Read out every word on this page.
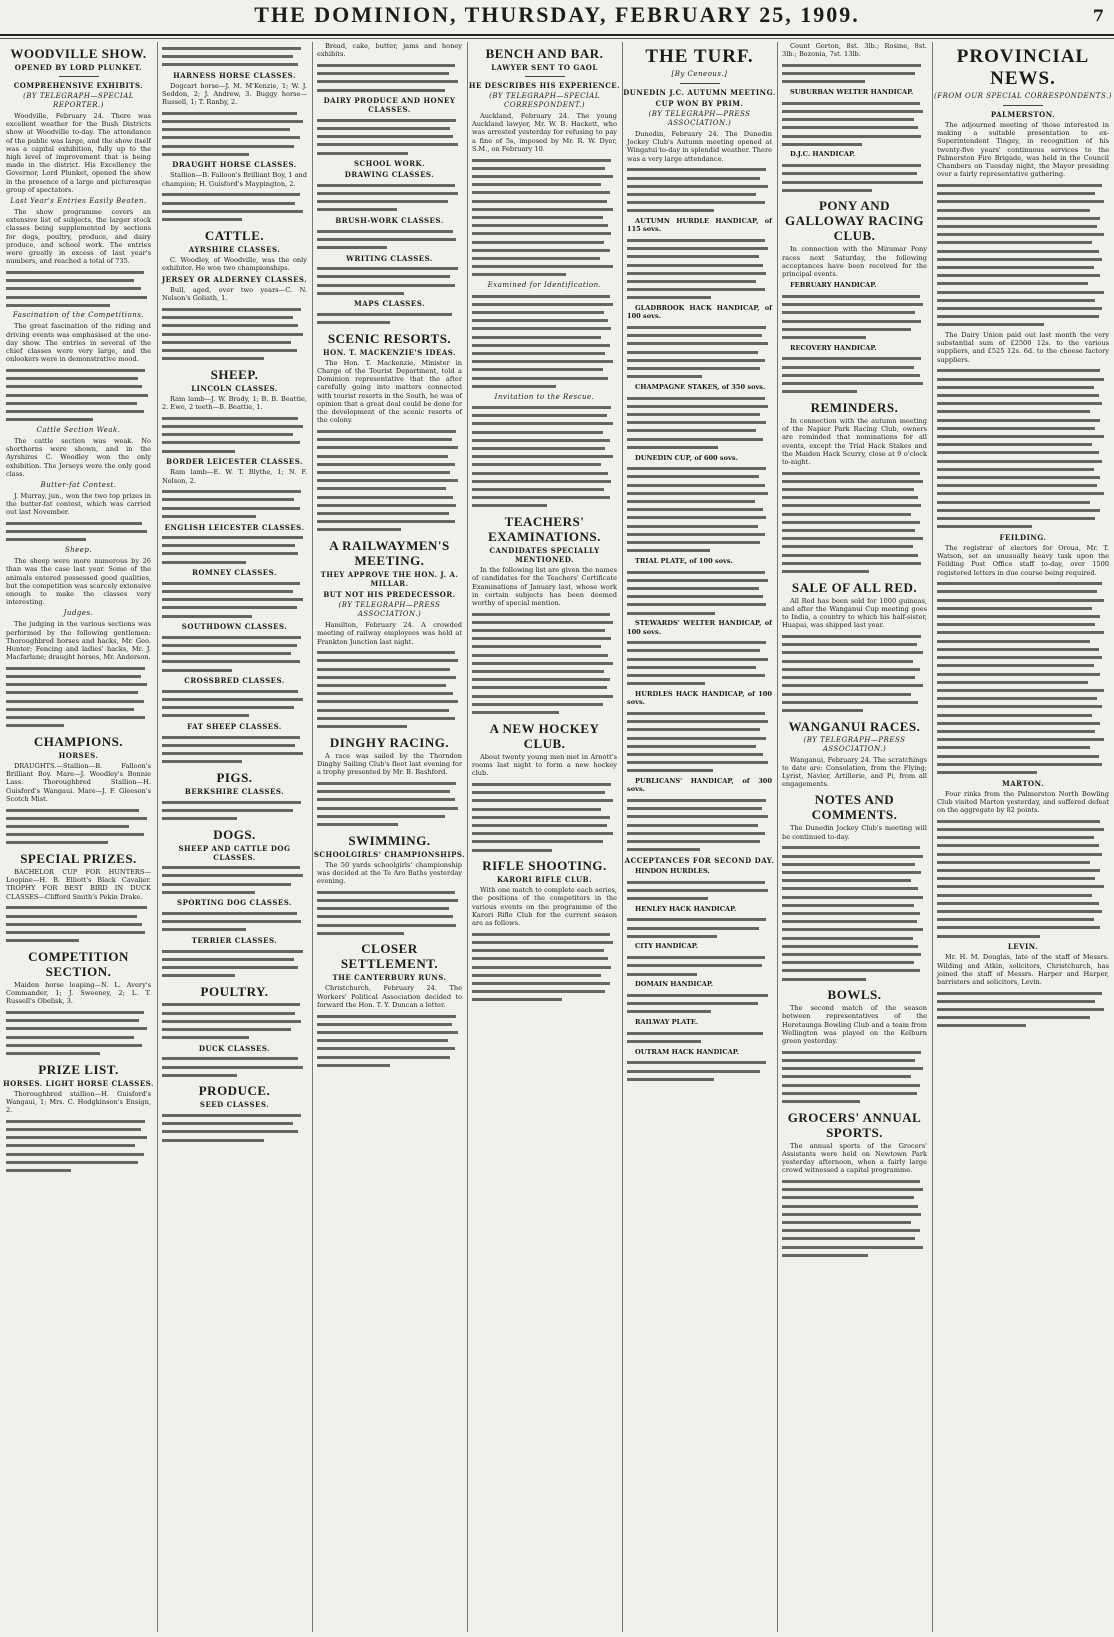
THE DOMINION, THURSDAY, FEBRUARY 25, 1909.	7
WOODVILLE SHOW.
OPENED BY LORD PLUNKET.
COMPREHENSIVE EXHIBITS.
(BY TELEGRAPH—SPECIAL REPORTER.)

Woodville, February 24. There was excellent weather for the Bush Districts show at Woodville to-day. The attendance of the public was large, and the show itself was a capital exhibition, fully up to the high level of improvement that is being made in the district. His Excellency the Governor, Lord Plunket, opened the show in the presence of a large and picturesque group of spectators.

Last Year's Entries Easily Beaten.

The show programme covers an extensive list of subjects, the larger stock classes being supplemented by sections for dogs, poultry, produce, and dairy produce, and school work. The entries were greatly in excess of last year's numbers, and reached a total of 735.

Fascination of the Competitions.

The great fascination of the riding and driving events was emphasised at the one-day show. The entries in several of the chief classes were very large, and the onlookers were in demonstrative mood.

Cattle Section Weak.

The cattle section was weak. No shorthorns were shown, and in the Ayrshires C. Woodley won the only exhibition. The Jerseys were the only good class.

Butter-fat Contest.

J. Murray, jun., won the two top prizes in the butter-fat contest, which was carried out last November.

Sheep.

The sheep were more numerous by 26 than was the case last year. Some of the animals entered possessed good qualities, but the competition was scarcely extensive enough to make the classes very interesting.

Judges.

The judging in the various sections was performed by the following gentlemen: Thoroughbred horses and hacks, Mr. Geo. Hunter; Fencing and ladies' hacks, Mr. J. Macfarlane; draught horses, Mr. Anderson.

CHAMPIONS.
HORSES.

DRAUGHTS.—Stallion—B. Falloon's Brilliant Boy. Mare—J. Woodley's Bonnie Lass. Thoroughbred Stallion—H. Guisford's Wangaui. Mare—J. F. Gleeson's Scotch Mist.

SPECIAL PRIZES.

BACHELOR CUP FOR HUNTERS—Loopine—H. B. Elliott's Black Cavalier. TROPHY FOR BEST BIRD IN DUCK CLASSES—Clifford Smith's Pekin Drake.

COMPETITION SECTION.

Maiden horse leaping—N. L. Avery's Commander, 1; J. Sweeney, 2; L. T. Russell's Obelisk, 3.

PRIZE LIST.
HORSES. LIGHT HORSE CLASSES.

Thoroughbred stallion—H. Guisford's Wangaui, 1; Mrs. C. Hodgkinson's Ensign, 2.

HARNESS HORSE CLASSES.

Dogcart horse—J. M. M'Kenzie, 1; W. J. Seddon, 2; J. Andrew, 3. Buggy horse—Russell, 1; T. Ranby, 2.

DRAUGHT HORSE CLASSES.

Stallion—B. Falloon's Brilliant Boy, 1 and champion; H. Guisford's Maypington, 2.

CATTLE.
AYRSHIRE CLASSES.

C. Woodley, of Woodville, was the only exhibitor. He won two championships.

JERSEY OR ALDERNEY CLASSES.

Bull, aged, over two years—C. N. Nelson's Goliath, 1.

SHEEP.
LINCOLN CLASSES.

Ram lamb—J. W. Brady, 1; B. B. Beattie, 2. Ewe, 2 teeth—B. Beattie, 1.

BORDER LEICESTER CLASSES.

Ram lamb—E. W. T. Blythe, 1; N. F. Nelson, 2.

ENGLISH LEICESTER CLASSES.
ROMNEY CLASSES.
SOUTHDOWN CLASSES.
CROSSBRED CLASSES.
FAT SHEEP CLASSES.
PIGS.
BERKSHIRE CLASSES.
DOGS.
SHEEP AND CATTLE DOG CLASSES.
SPORTING DOG CLASSES.
TERRIER CLASSES.
POULTRY.
DUCK CLASSES.
PRODUCE.
SEED CLASSES.

Bread, cake, butter, jams and honey exhibits.

DAIRY PRODUCE AND HONEY CLASSES.
SCHOOL WORK.
DRAWING CLASSES.
BRUSH-WORK CLASSES.
WRITING CLASSES.
MAPS CLASSES.
SCENIC RESORTS.
HON. T. MACKENZIE'S IDEAS.

The Hon. T. Mackenzie, Minister in Charge of the Tourist Department, told a Dominion representative that the after carefully going into matters connected with tourist resorts in the South, he was of opinion that a great deal could be done for the development of the scenic resorts of the colony.

A RAILWAYMEN'S MEETING.
THEY APPROVE THE HON. J. A. MILLAR.
BUT NOT HIS PREDECESSOR.
(BY TELEGRAPH—PRESS ASSOCIATION.)

Hamilton, February 24. A crowded meeting of railway employees was held at Frankton Junction last night.

DINGHY RACING.

A race was sailed by the Thorndon Dinghy Sailing Club's fleet last evening for a trophy presented by Mr. B. Bashford.

SWIMMING.
SCHOOLGIRLS' CHAMPIONSHIPS.

The 50 yards schoolgirls' championship was decided at the Te Aro Baths yesterday evening.

CLOSER SETTLEMENT.
THE CANTERBURY RUNS.

Christchurch, February 24. The Workers' Political Association decided to forward the Hon. T. Y. Duncan a letter.

BENCH AND BAR.
LAWYER SENT TO GAOL
HE DESCRIBES HIS EXPERIENCE.
(BY TELEGRAPH—SPECIAL CORRESPONDENT.)

Auckland, February 24. The young Auckland lawyer, Mr. W. B. Hackett, who was arrested yesterday for refusing to pay a fine of 5s, imposed by Mr. R. W. Dyer, S.M., on February 10.

Examined for Identification.
Invitation to the Rescue.
TEACHERS' EXAMINATIONS.
CANDIDATES SPECIALLY MENTIONED.

In the following list are given the names of candidates for the Teachers' Certificate Examinations of January last, whose work in certain subjects has been deemed worthy of special mention.

A NEW HOCKEY CLUB.

About twenty young men met in Arnott's rooms last night to form a new hockey club.

RIFLE SHOOTING.
KARORI RIFLE CLUB.

With one match to complete each series, the positions of the competitors in the various events on the programme of the Karori Rifle Club for the current season are as follows.

THE TURF.
[By Ceneous.]
DUNEDIN J.C. AUTUMN MEETING.
CUP WON BY PRIM.
(BY TELEGRAPH—PRESS ASSOCIATION.)

Dunedin, February 24. The Dunedin Jockey Club's Autumn meeting opened at Wingatui to-day in splendid weather. There was a very large attendance.

AUTUMN HURDLE HANDICAP, of 115 sovs.

GLADBROOK HACK HANDICAP, of 100 sovs.

CHAMPAGNE STAKES, of 350 sovs.

DUNEDIN CUP, of 600 sovs.

TRIAL PLATE, of 100 sovs.

STEWARDS' WELTER HANDICAP, of 100 sovs.

HURDLES HACK HANDICAP, of 100 sovs.

PUBLICANS' HANDICAP, of 300 sovs.

ACCEPTANCES FOR SECOND DAY.

HINDON HURDLES.

HENLEY HACK HANDICAP.

CITY HANDICAP.

DOMAIN HANDICAP.

RAILWAY PLATE.

OUTRAM HACK HANDICAP.

Count Gerton, 8st. 3lb.; Rosine, 8st. 3lb.; Bezonia, 7st. 13lb.

SUBURBAN WELTER HANDICAP.

D.J.C. HANDICAP.

PONY AND GALLOWAY RACING CLUB.

In connection with the Miramar Pony races next Saturday, the following acceptances have been received for the principal events.

FEBRUARY HANDICAP.

RECOVERY HANDICAP.

REMINDERS.

In connection with the autumn meeting of the Napier Park Racing Club, owners are reminded that nominations for all events, except the Trial Hack Stakes and the Maiden Hack Scurry, close at 9 o'clock to-night.

SALE OF ALL RED.

All Red has been sold for 1000 guineas, and after the Wanganui Cup meeting goes to India, a country to which his half-sister, Huapai, was shipped last year.

WANGANUI RACES.
(BY TELEGRAPH—PRESS ASSOCIATION.)

Wanganui, February 24. The scratchings to date are: Consolation, from the Flying; Lyrist, Navier, Artillerie, and Pi, from all engagements.

NOTES AND COMMENTS.

The Dunedin Jockey Club's meeting will be continued to-day.

BOWLS.

The second match of the season between representatives of the Heretaunga Bowling Club and a team from Wellington was played on the Kelburn green yesterday.

GROCERS' ANNUAL SPORTS.

The annual sports of the Grocers' Assistants were held on Newtown Park yesterday afternoon, when a fairly large crowd witnessed a capital programme.

PROVINCIAL NEWS.
(FROM OUR SPECIAL CORRESPONDENTS.)
PALMERSTON.

The adjourned meeting of those interested in making a suitable presentation to ex-Superintendent Tingey, in recognition of his twenty-five years' continuous services to the Palmerston Fire Brigade, was held in the Council Chambers on Tuesday night, the Mayor presiding over a fairly representative gathering.

The Dairy Union paid out last month the very substantial sum of £2500 12s. to the various suppliers, and £525 12s. 6d. to the cheese factory suppliers.

FEILDING.

The registrar of electors for Oroua, Mr. T. Watson, set an unusually heavy task upon the Feilding Post Office staff to-day, over 1500 registered letters in due course being required.

MARTON.

Four rinks from the Palmerston North Bowling Club visited Marton yesterday, and suffered defeat on the aggregate by 82 points.

LEVIN.

Mr. H. M. Douglas, late of the staff of Messrs. Wilding and Atkin, solicitors, Christchurch, has joined the staff of Messrs. Harper and Harper, barristers and solicitors, Levin.
